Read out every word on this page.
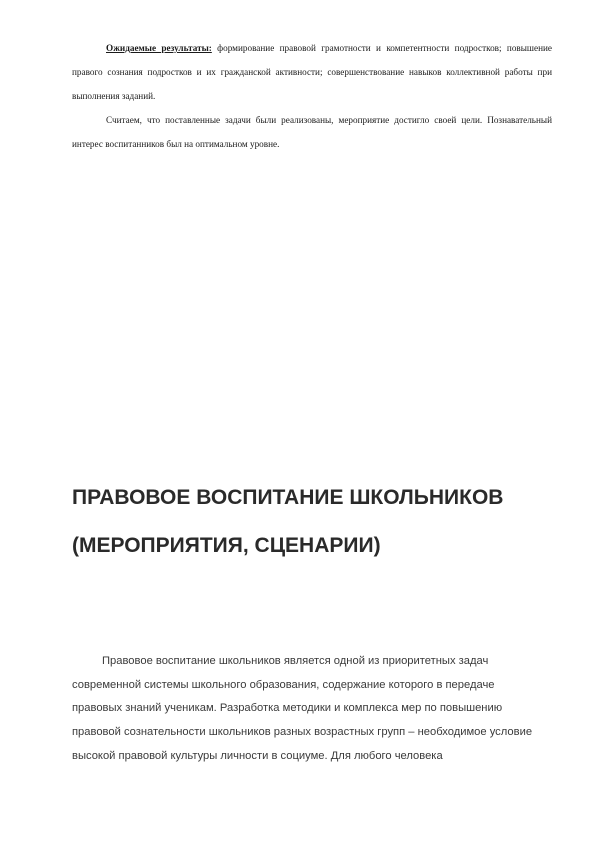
Ожидаемые результаты: формирование правовой грамотности и компетентности подростков; повышение правого сознания подростков и их гражданской активности; совершенствование навыков коллективной работы при выполнения заданий.

Считаем, что поставленные задачи были реализованы, мероприятие достигло своей цели. Познавательный интерес воспитанников был на оптимальном уровне.

ПРАВОВОЕ ВОСПИТАНИЕ ШКОЛЬНИКОВ (МЕРОПРИЯТИЯ, СЦЕНАРИИ)

Правовое воспитание школьников является одной из приоритетных задач современной системы школьного образования, содержание которого в передаче правовых знаний ученикам. Разработка методики и комплекса мер по повышению правовой сознательности школьников разных возрастных групп – необходимое условие высокой правовой культуры личности в социуме. Для любого человека
